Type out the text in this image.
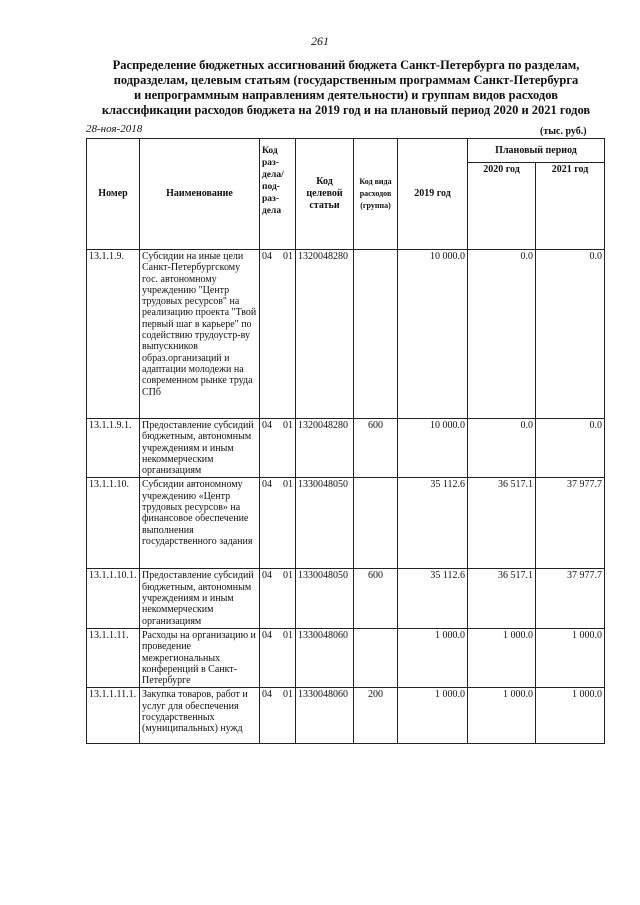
261
Распределение бюджетных ассигнований бюджета Санкт-Петербурга по разделам,
подразделам, целевым статьям (государственным программам Санкт-Петербурга
и непрограммным направлениям деятельности) и группам видов расходов
классификации расходов бюджета на 2019 год и на плановый период 2020 и 2021 годов
28-ноя-2018	(тыс. руб.)
Номер	Наименование	Код раз- дела/ под- раз- дела	Код целевой статьи	Код вида расходов (группа)	2019 год	Плановый период	
						2020 год	2021 год
13.1.1.9.	Субсидии на иные цели Санкт-Петербургскому гос. автономному учреждению "Центр трудовых ресурсов" на реализацию проекта "Твой первый шаг в карьере" по содействию трудоустр-ву выпускников образ.организаций и адаптации молодежи на современном рынке труда СПб	04 01	1320048280		10 000.0	0.0	0.0
13.1.1.9.1.	Предоставление субсидий бюджетным, автономным учреждениям и иным некоммерческим организациям	04 01	1320048280	600	10 000.0	0.0	0.0
13.1.1.10.	Субсидии автономному учреждению «Центр трудовых ресурсов» на финансовое обеспечение выполнения государственного задания	04 01	1330048050		35 112.6	36 517.1	37 977.7
13.1.1.10.1.	Предоставление субсидий бюджетным, автономным учреждениям и иным некоммерческим организациям	04 01	1330048050	600	35 112.6	36 517.1	37 977.7
13.1.1.11.	Расходы на организацию и проведение межрегиональных конференций в Санкт-Петербурге	04 01	1330048060		1 000.0	1 000.0	1 000.0
13.1.1.11.1.	Закупка товаров, работ и услуг для обеспечения государственных (муниципальных) нужд	04 01	1330048060	200	1 000.0	1 000.0	1 000.0
